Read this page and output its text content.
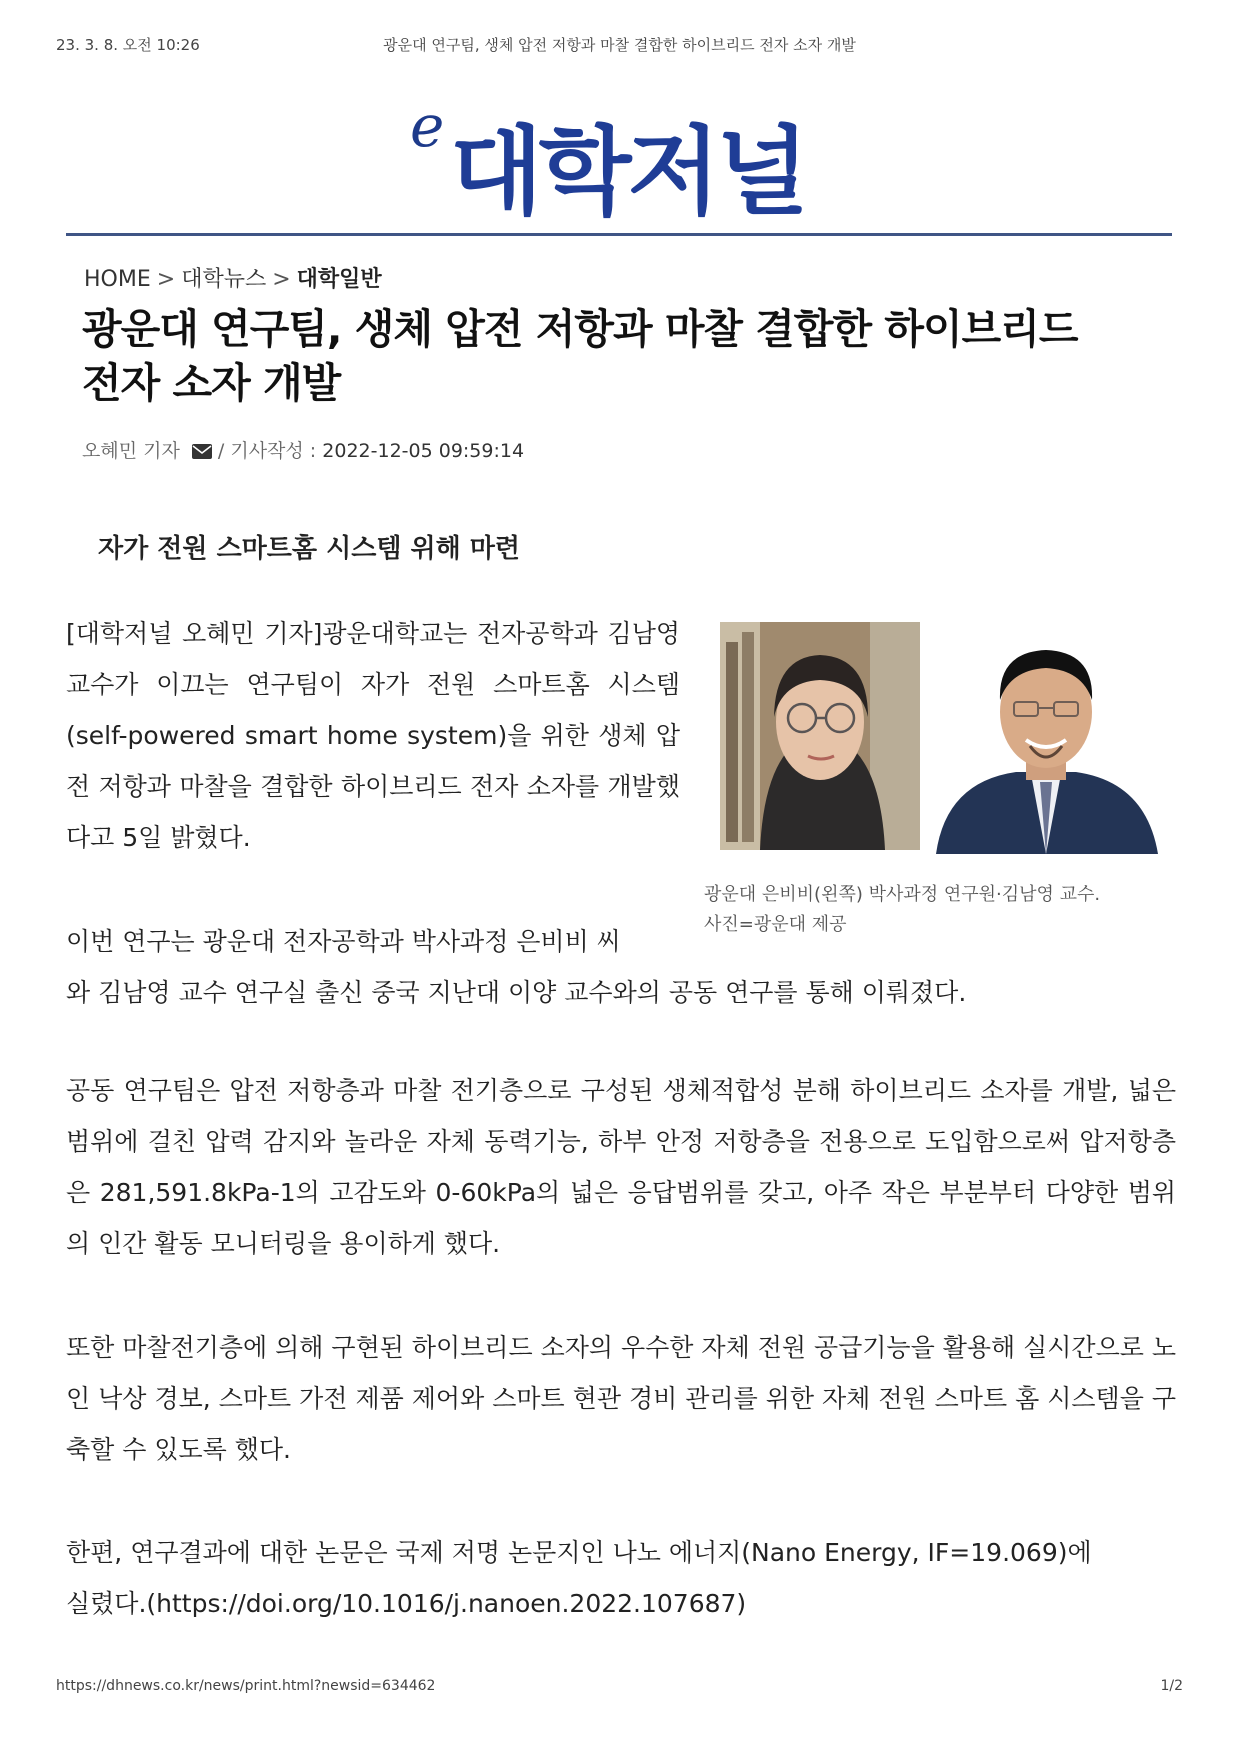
23. 3. 8. 오전 10:26	광운대 연구팀, 생체 압전 저항과 마찰 결합한 하이브리드 전자 소자 개발
e 대학저널
HOME > 대학뉴스 > 대학일반
광운대 연구팀, 생체 압전 저항과 마찰 결합한 하이브리드
전자 소자 개발
오혜민 기자 / 기사작성 : 2022-12-05 09:59:14
자가 전원 스마트홈 시스템 위해 마련

[대학저널 오혜민 기자]광운대학교는 전자공학과 김남영 교수가 이끄는 연구팀이 자가 전원 스마트홈 시스템(self-powered smart home system)을 위한 생체 압전 저항과 마찰을 결합한 하이브리드 전자 소자를 개발했다고 5일 밝혔다.

광운대 은비비(왼쪽) 박사과정 연구원·김남영 교수.
사진=광운대 제공

이번 연구는 광운대 전자공학과 박사과정 은비비 씨
와 김남영 교수 연구실 출신 중국 지난대 이양 교수와의 공동 연구를 통해 이뤄졌다.

공동 연구팀은 압전 저항층과 마찰 전기층으로 구성된 생체적합성 분해 하이브리드 소자를 개발, 넓은 범위에 걸친 압력 감지와 놀라운 자체 동력기능, 하부 안정 저항층을 전용으로 도입함으로써 압저항층은 281,591.8kPa-1의 고감도와 0-60kPa의 넓은 응답범위를 갖고, 아주 작은 부분부터 다양한 범위의 인간 활동 모니터링을 용이하게 했다.

또한 마찰전기층에 의해 구현된 하이브리드 소자의 우수한 자체 전원 공급기능을 활용해 실시간으로 노인 낙상 경보, 스마트 가전 제품 제어와 스마트 현관 경비 관리를 위한 자체 전원 스마트 홈 시스템을 구축할 수 있도록 했다.

한편, 연구결과에 대한 논문은 국제 저명 논문지인 나노 에너지(Nano Energy, IF=19.069)에
실렸다.(https://doi.org/10.1016/j.nanoen.2022.107687)

https://dhnews.co.kr/news/print.html?newsid=634462	1/2
